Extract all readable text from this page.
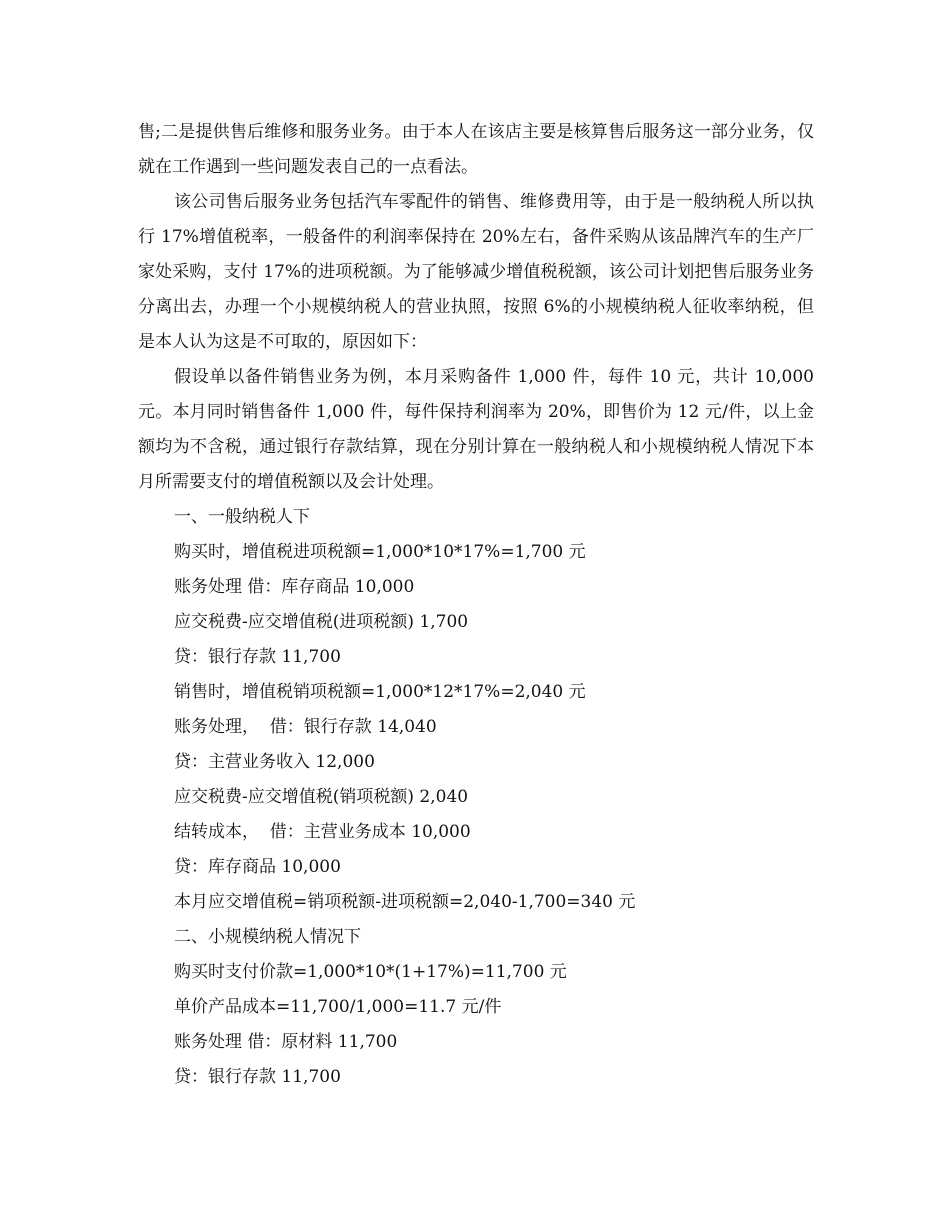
售;二是提供售后维修和服务业务。由于本人在该店主要是核算售后服务这一部分业务，仅就在工作遇到一些问题发表自己的一点看法。

该公司售后服务业务包括汽车零配件的销售、维修费用等，由于是一般纳税人所以执行 17%增值税率，一般备件的利润率保持在 20%左右，备件采购从该品牌汽车的生产厂家处采购，支付 17%的进项税额。为了能够减少增值税税额，该公司计划把售后服务业务分离出去，办理一个小规模纳税人的营业执照，按照 6%的小规模纳税人征收率纳税，但是本人认为这是不可取的，原因如下：

假设单以备件销售业务为例，本月采购备件 1,000 件，每件 10 元，共计 10,000 元。本月同时销售备件 1,000 件，每件保持利润率为 20%，即售价为 12 元/件，以上金额均为不含税，通过银行存款结算，现在分别计算在一般纳税人和小规模纳税人情况下本月所需要支付的增值税额以及会计处理。

一、一般纳税人下

购买时，增值税进项税额=1,000*10*17%=1,700 元

账务处理 借：库存商品 10,000

应交税费-应交增值税(进项税额) 1,700

贷：银行存款 11,700

销售时，增值税销项税额=1,000*12*17%=2,040 元

账务处理，  借：银行存款 14,040

贷：主营业务收入 12,000

应交税费-应交增值税(销项税额) 2,040

结转成本，  借：主营业务成本 10,000

贷：库存商品 10,000

本月应交增值税=销项税额-进项税额=2,040-1,700=340 元

二、小规模纳税人情况下

购买时支付价款=1,000*10*(1+17%)=11,700 元

单价产品成本=11,700/1,000=11.7 元/件

账务处理 借：原材料 11,700

贷：银行存款 11,700
